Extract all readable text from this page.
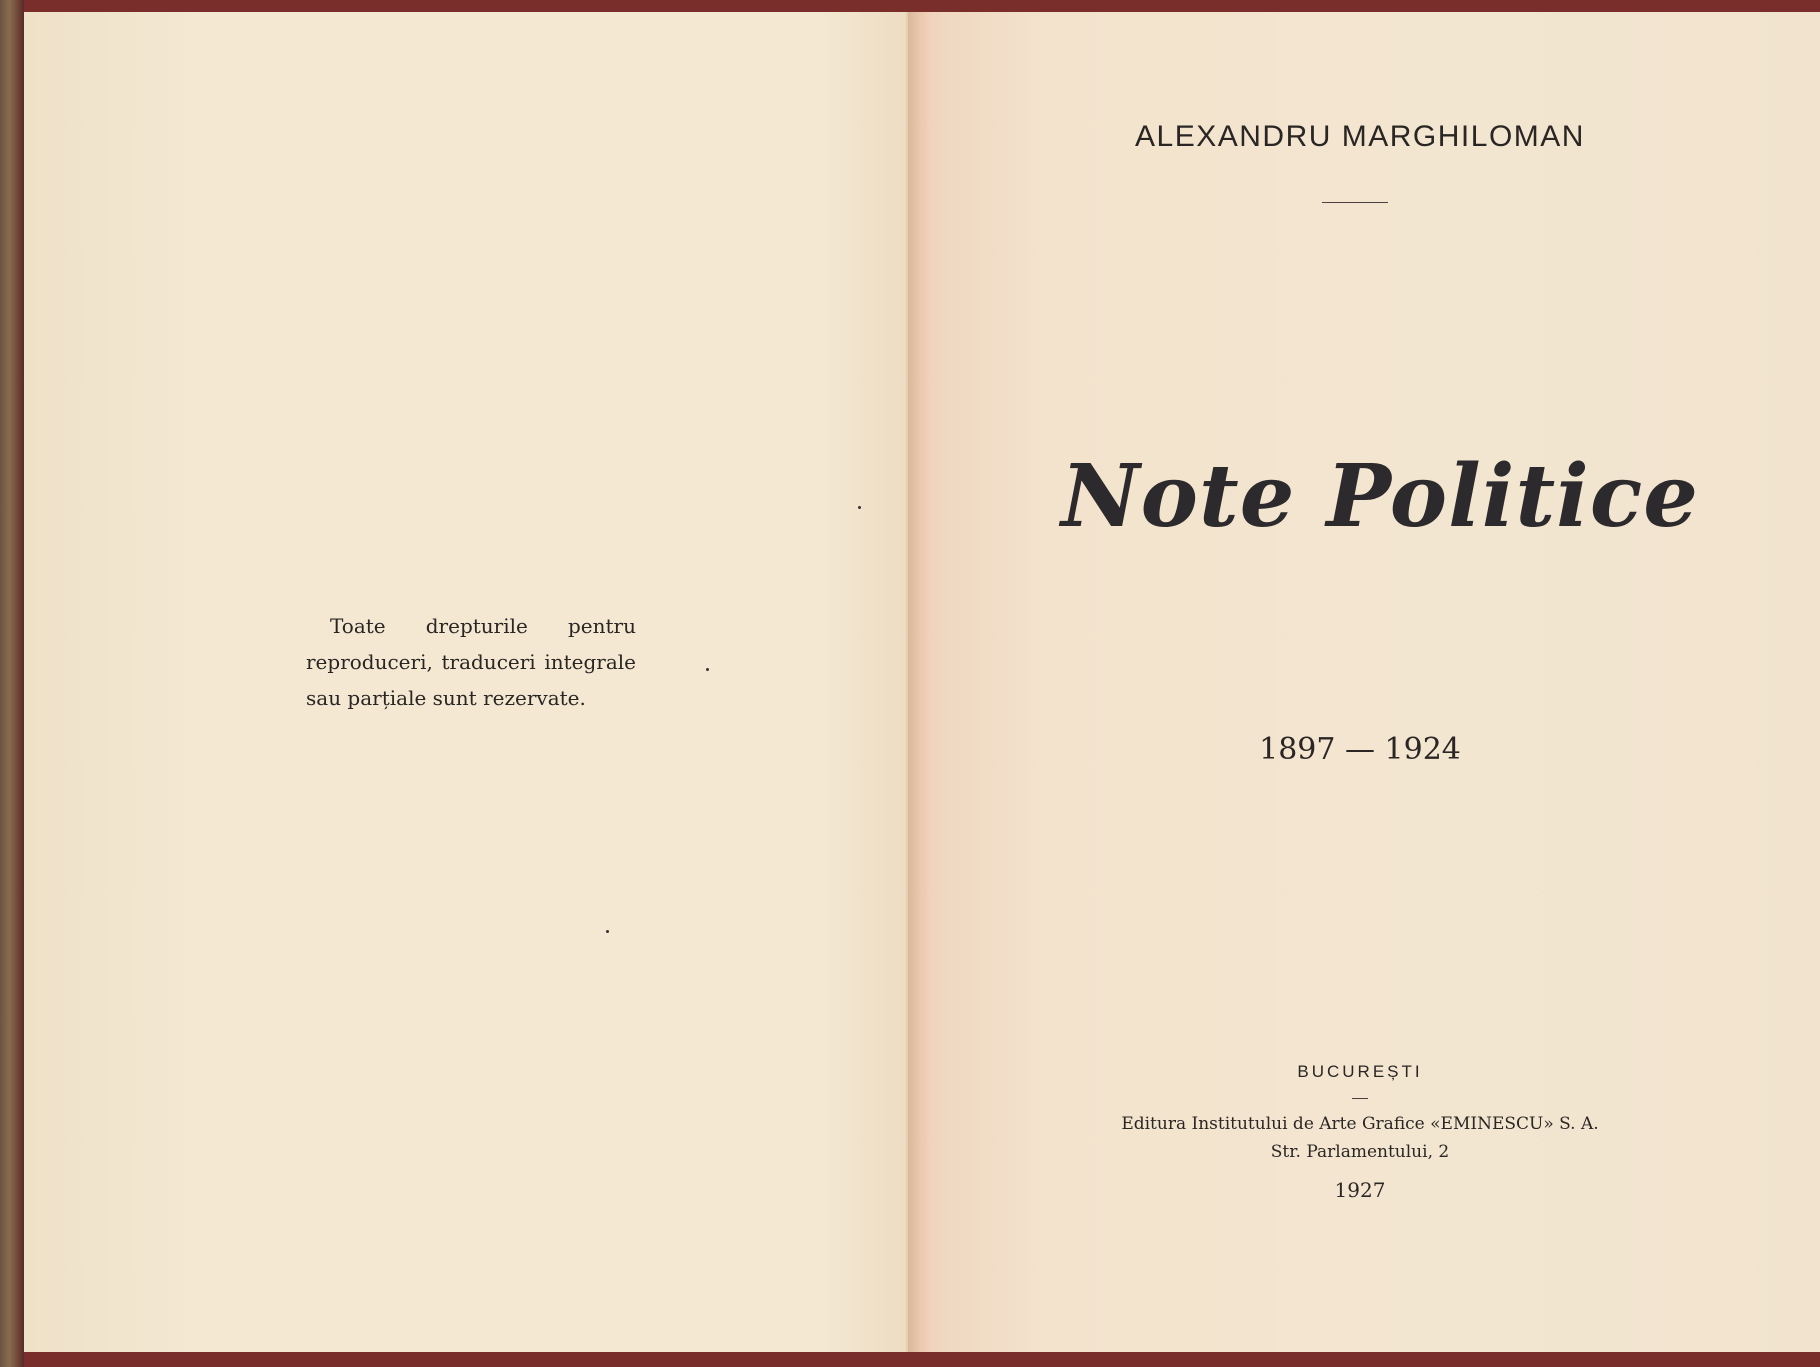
Toate drepturile pentru reproduceri, traduceri integrale sau parțiale sunt rezervate.
ALEXANDRU MARGHILOMAN
Note Politice
1897 — 1924
BUCUREȘTI
Editura Institutului de Arte Grafice «EMINESCU» S. A.
Str. Parlamentului, 2
1927
